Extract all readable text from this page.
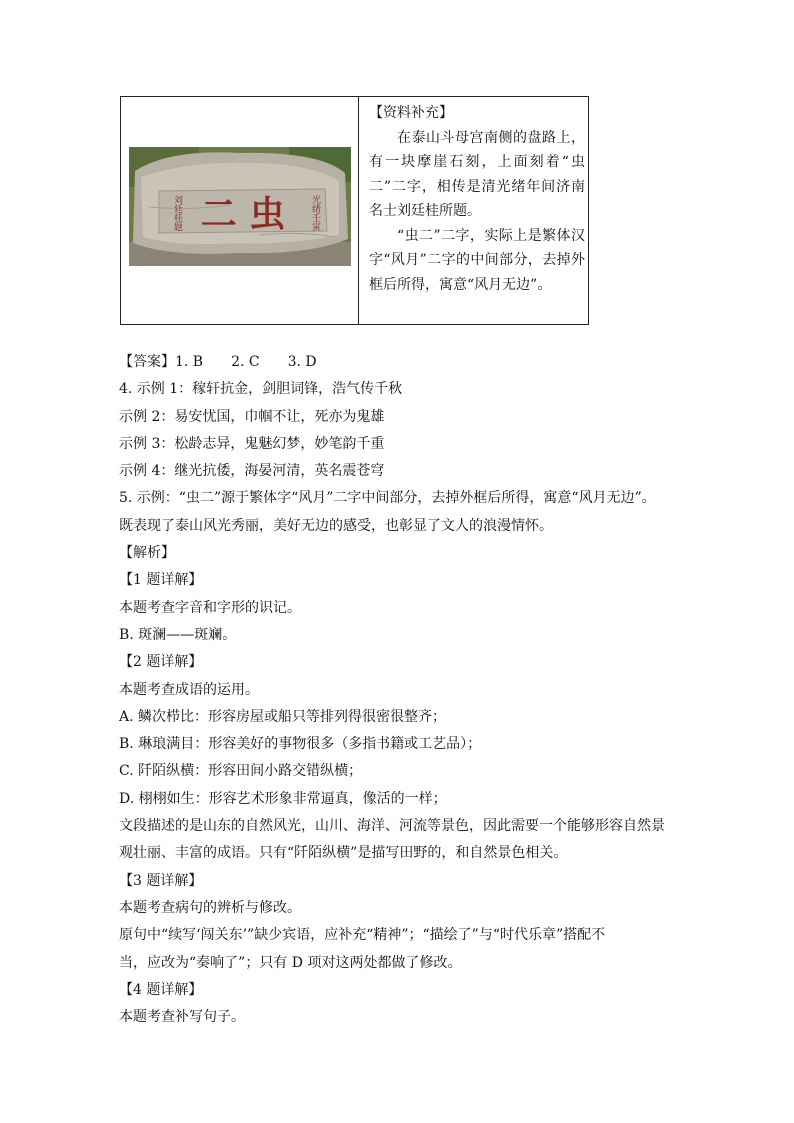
二 虫
刘廷桂题	光绪壬寅

【资料补充】

在泰山斗母宫南侧的盘路上，有一块摩崖石刻，上面刻着“虫二”二字，相传是清光绪年间济南名士刘廷桂所题。

“虫二”二字，实际上是繁体汉字“风月”二字的中间部分，去掉外框后所得，寓意“风月无边”。

【答案】1. B　　2. C　　3. D

4. 示例 1：稼轩抗金，剑胆词锋，浩气传千秋

示例 2：易安忧国，巾帼不让，死亦为鬼雄

示例 3：松龄志异，鬼魅幻梦，妙笔韵千重

示例 4：继光抗倭，海晏河清，英名震苍穹

5. 示例：“虫二”源于繁体字“风月”二字中间部分，去掉外框后所得，寓意“风月无边”。

既表现了泰山风光秀丽，美好无边的感受，也彰显了文人的浪漫情怀。

【解析】

【1 题详解】

本题考查字音和字形的识记。

B. 斑澜——斑斓。

【2 题详解】

本题考查成语的运用。

A. 鳞次栉比：形容房屋或船只等排列得很密很整齐；

B. 琳琅满目：形容美好的事物很多（多指书籍或工艺品）；

C. 阡陌纵横：形容田间小路交错纵横；

D. 栩栩如生：形容艺术形象非常逼真，像活的一样；

文段描述的是山东的自然风光，山川、海洋、河流等景色，因此需要一个能够形容自然景

观壮丽、丰富的成语。只有“阡陌纵横”是描写田野的，和自然景色相关。

【3 题详解】

本题考查病句的辨析与修改。

原句中“续写‘闯关东’”缺少宾语，应补充“精神”；“描绘了”与“时代乐章”搭配不

当，应改为“奏响了”；只有 D 项对这两处都做了修改。

【4 题详解】

本题考查补写句子。
